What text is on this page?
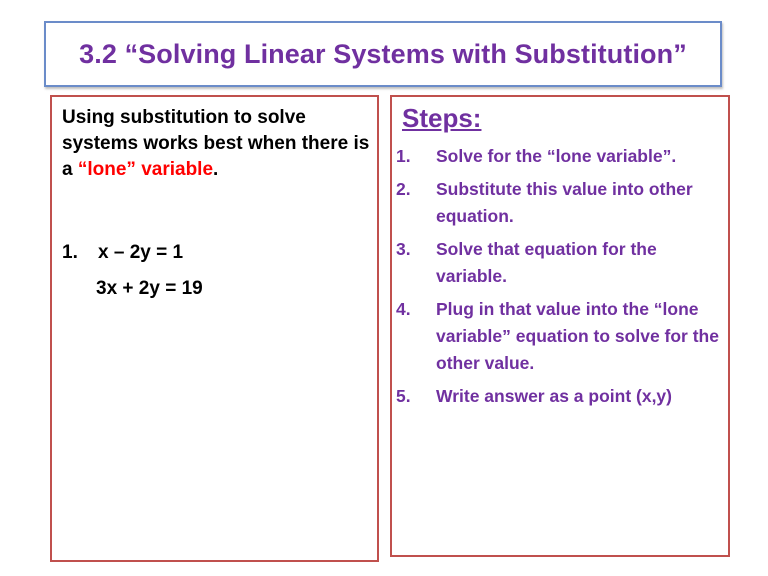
3.2 “Solving Linear Systems with Substitution”
Using substitution to solve systems works best when there is a “lone” variable.
1.	x – 2y = 1
3x + 2y = 19
Steps:
1.	Solve for the “lone variable”.
2.	Substitute this value into other equation.
3.	Solve that equation for the variable.
4.	Plug in that value into the “lone variable” equation to solve for the other value.
5.	Write answer as a point (x,y)
